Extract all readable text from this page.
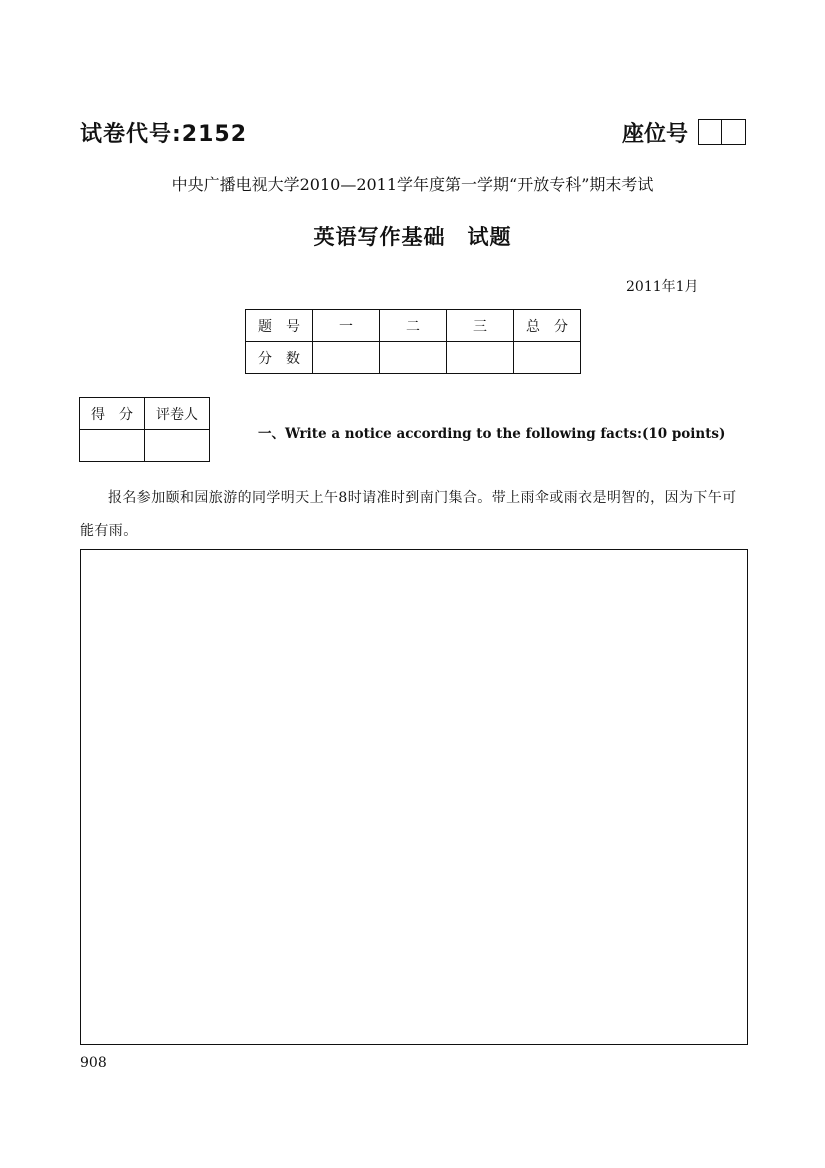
试卷代号:2152	座位号
中央广播电视大学2010—2011学年度第一学期“开放专科”期末考试
英语写作基础　试题
2011年1月
题　号	一	二	三	总　分
分　数				
得　分	评卷人

一、Write a notice according to the following facts:(10 points)
报名参加颐和园旅游的同学明天上午8时请准时到南门集合。带上雨伞或雨衣是明智的，因为下午可能有雨。
908
